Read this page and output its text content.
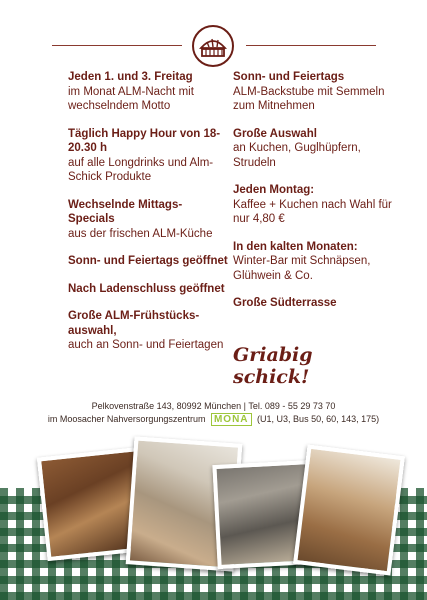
Jeden 1. und 3. Freitag
im Monat ALM-Nacht mit wechselndem Motto
Täglich Happy Hour von 18-20.30 h
auf alle Longdrinks und Alm-Schick Produkte
Wechselnde Mittags-Specials
aus der frischen ALM-Küche
Sonn- und Feiertags geöffnet
Nach Ladenschluss geöffnet
Große ALM-Frühstücks-auswahl,
auch an Sonn- und Feiertagen
Sonn- und Feiertags
ALM-Backstube mit Semmeln zum Mitnehmen
Große Auswahl
an Kuchen, Guglhüpfern, Strudeln
Jeden Montag:
Kaffee + Kuchen nach Wahl für nur 4,80 €
In den kalten Monaten:
Winter-Bar mit Schnäpsen, Glühwein & Co.
Große Südterrasse
Griabig
schick!
Pelkovenstraße 143, 80992 München | Tel. 089 - 55 29 73 70
im Moosacher Nahversorgungszentrum MONA (U1, U3, Bus 50, 60, 143, 175)
